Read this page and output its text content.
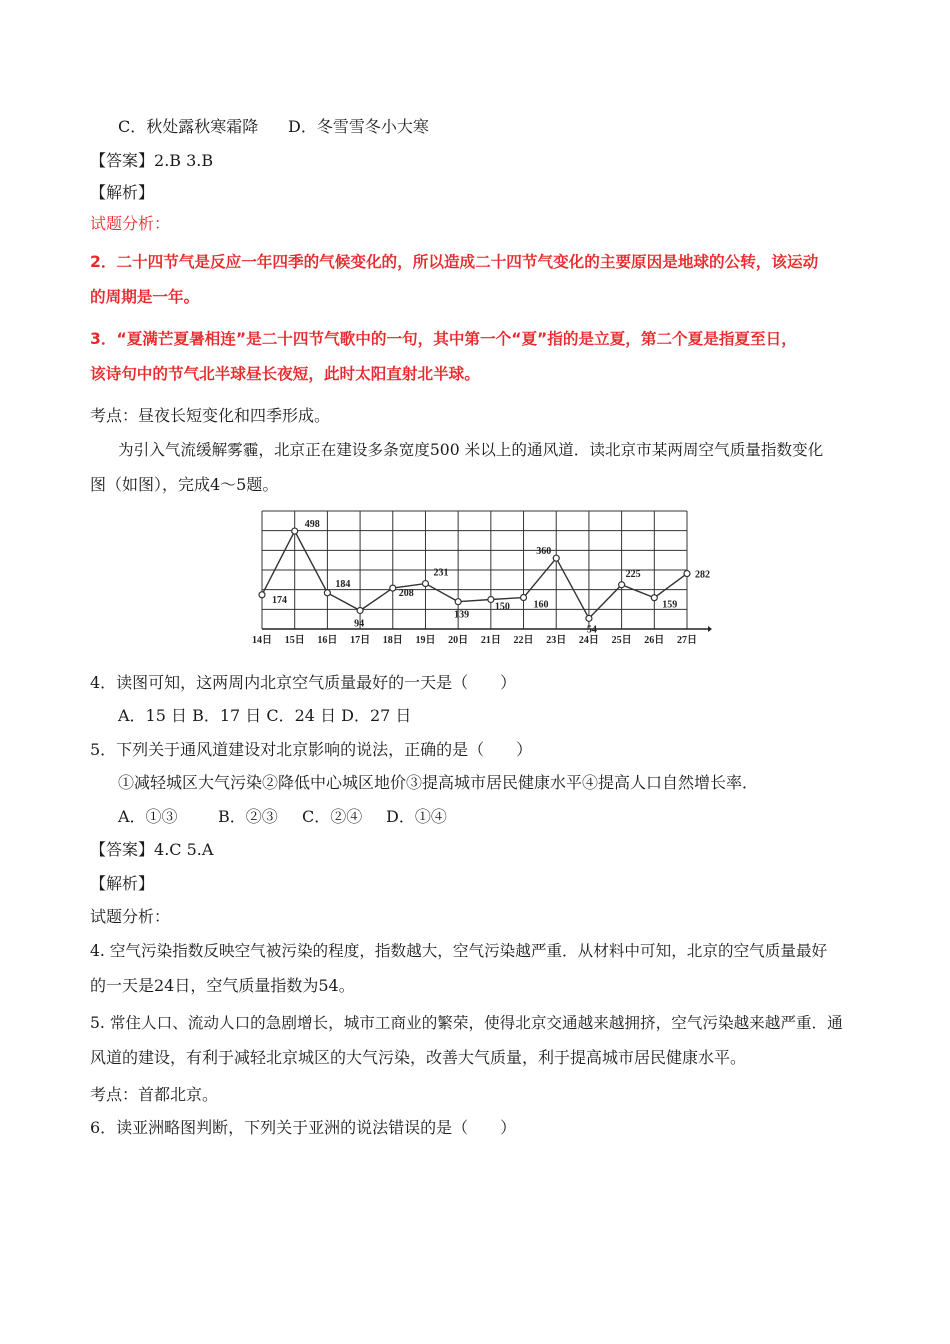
C．秋处露秋寒霜降 D．冬雪雪冬小大寒
【答案】2.B 3.B
【解析】
试题分析：
2．二十四节气是反应一年四季的气候变化的，所以造成二十四节气变化的主要原因是地球的公转，该运动
的周期是一年。
3．“夏满芒夏暑相连”是二十四节气歌中的一句，其中第一个“夏”指的是立夏，第二个夏是指夏至日，
该诗句中的节气北半球昼长夜短，此时太阳直射北半球。
考点：昼夜长短变化和四季形成。
为引入气流缓解雾霾，北京正在建设多条宽度500 米以上的通风道．读北京市某两周空气质量指数变化
图（如图），完成4～5题。
174
498
184
94
208
231
139
150 160
360
54
225
159
282
14日 15日 16日 17日 18日 19日 20日 21日 22日 23日 24日 25日 26日 27日
4．读图可知，这两周内北京空气质量最好的一天是（　　）
A．15 日 B．17 日 C．24 日 D．27 日
5．下列关于通风道建设对北京影响的说法，正确的是（　　）
①减轻城区大气污染②降低中心城区地价③提高城市居民健康水平④提高人口自然增长率．
A．①③	B．②③ C．②④ D．①④
【答案】4.C 5.A
【解析】
试题分析：
4. 空气污染指数反映空气被污染的程度，指数越大，空气污染越严重．从材料中可知，北京的空气质量最好
的一天是24日，空气质量指数为54。
5. 常住人口、流动人口的急剧增长，城市工商业的繁荣，使得北京交通越来越拥挤，空气污染越来越严重．通
风道的建设，有利于减轻北京城区的大气污染，改善大气质量，利于提高城市居民健康水平。
考点：首都北京。
6．读亚洲略图判断，下列关于亚洲的说法错误的是（　　）
